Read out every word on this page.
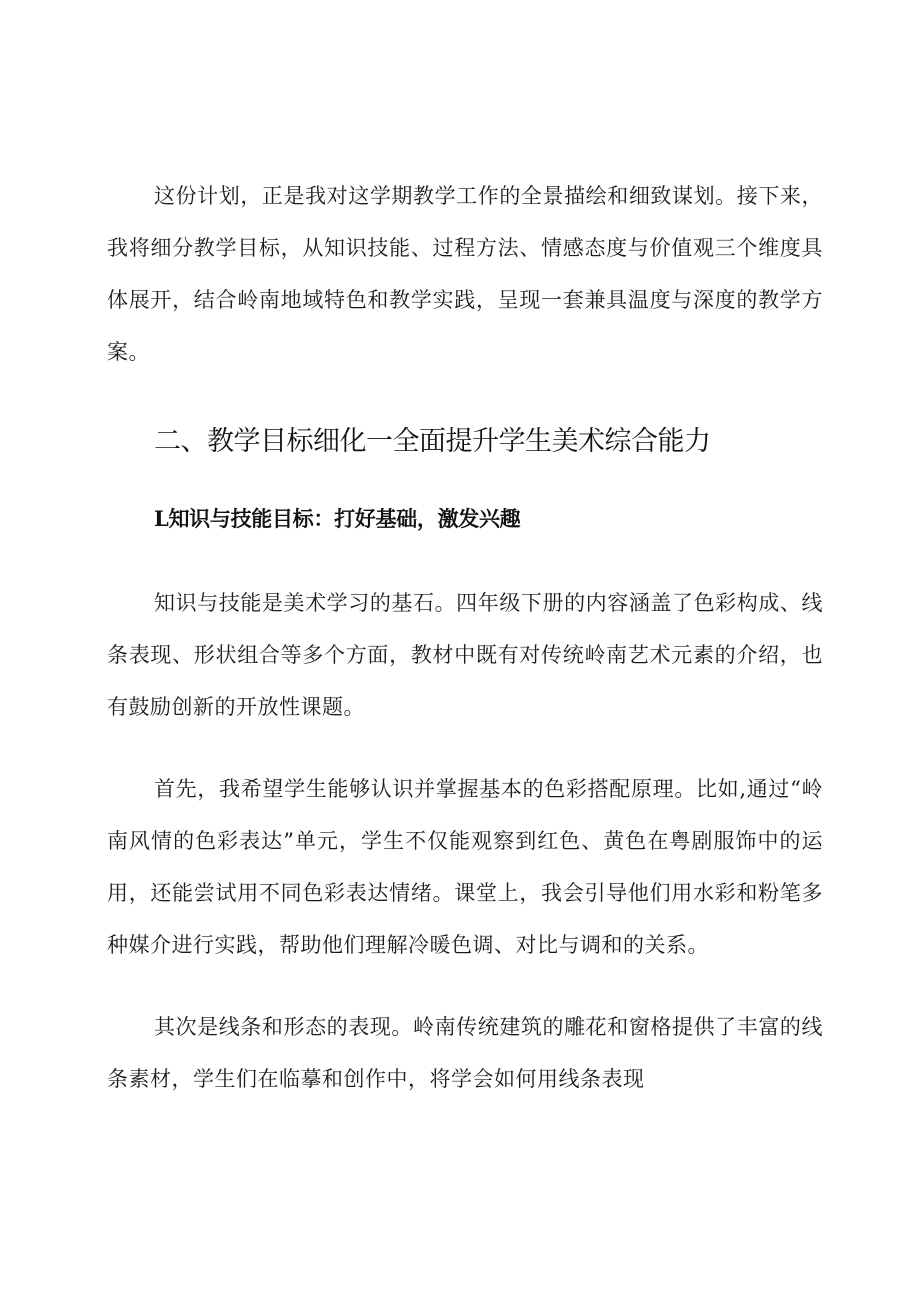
这份计划，正是我对这学期教学工作的全景描绘和细致谋划。接下来，我将细分教学目标，从知识技能、过程方法、情感态度与价值观三个维度具体展开，结合岭南地域特色和教学实践，呈现一套兼具温度与深度的教学方案。

二、教学目标细化一全面提升学生美术综合能力
L知识与技能目标：打好基础，激发兴趣

知识与技能是美术学习的基石。四年级下册的内容涵盖了色彩构成、线条表现、形状组合等多个方面，教材中既有对传统岭南艺术元素的介绍，也有鼓励创新的开放性课题。

首先，我希望学生能够认识并掌握基本的色彩搭配原理。比如,通过“岭南风情的色彩表达”单元，学生不仅能观察到红色、黄色在粤剧服饰中的运用，还能尝试用不同色彩表达情绪。课堂上，我会引导他们用水彩和粉笔多种媒介进行实践，帮助他们理解冷暖色调、对比与调和的关系。

其次是线条和形态的表现。岭南传统建筑的雕花和窗格提供了丰富的线条素材，学生们在临摹和创作中，将学会如何用线条表现
